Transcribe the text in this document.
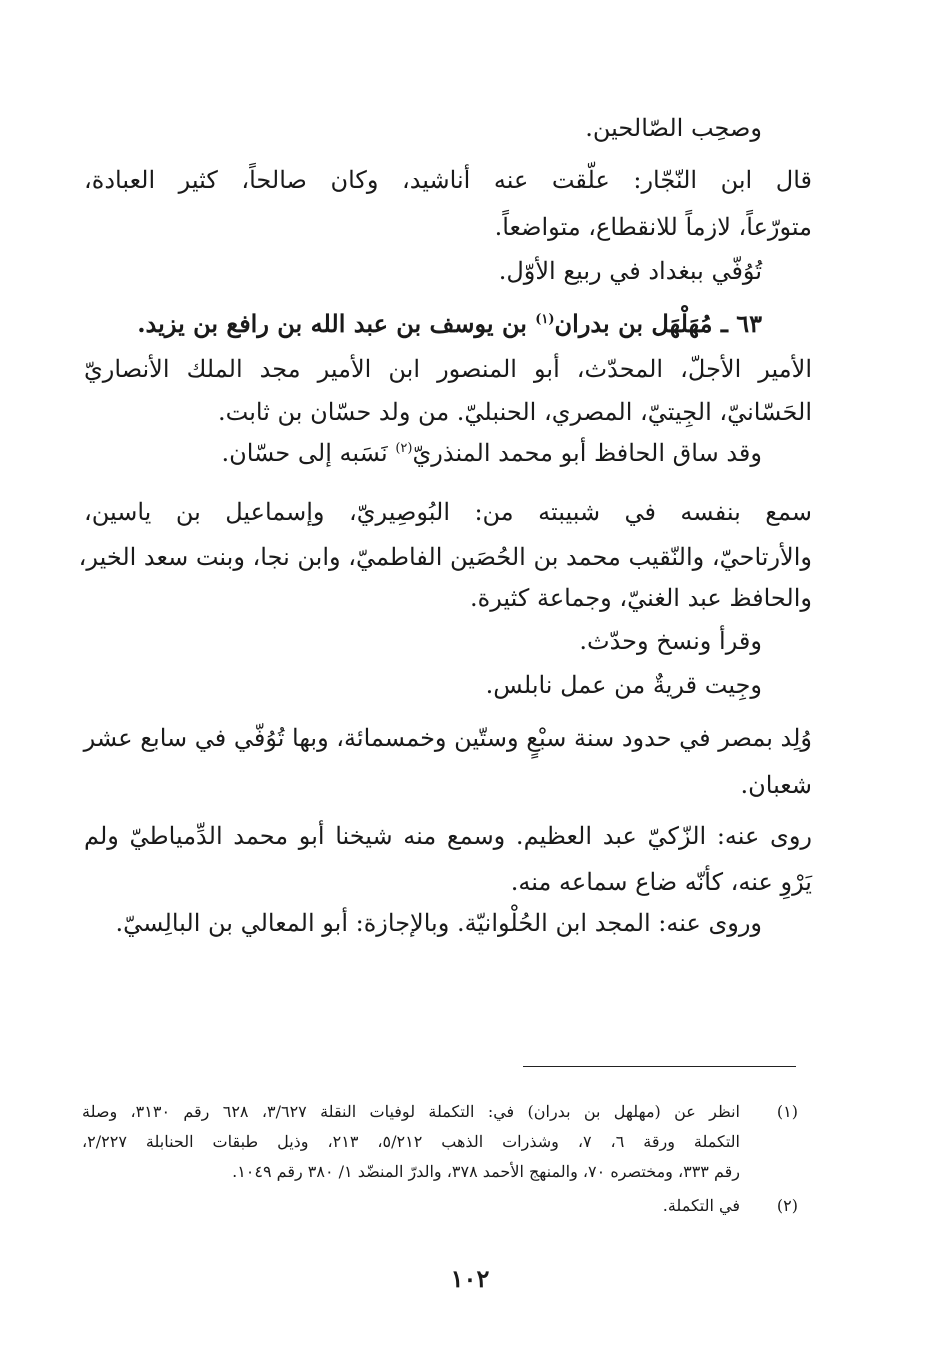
وصحِب الصّالحين.
قال ابن النّجّار: علّقت عنه أناشيد، وكان صالحاً، كثير العبادة،
متورّعاً، لازماً للانقطاع، متواضعاً.
تُوُفّي ببغداد في ربيع الأوّل.
٦٣ ـ مُهَلْهَل بن بدران$^{(١)}$ بن يوسف بن عبد الله بن رافع بن يزيد.
الأمير الأجلّ، المحدّث، أبو المنصور ابن الأمير مجد الملك الأنصاريّ
الحَسّانيّ، الجِيتيّ، المصري، الحنبليّ. من ولد حسّان بن ثابت.
وقد ساق الحافظ أبو محمد المنذريّ$^{(٢)}$ نَسَبه إلى حسّان.
سمع بنفسه في شبيبته من: البُوصِيريّ، وإسماعيل بن ياسين،
والأرتاحيّ، والنّقيب محمد بن الحُصَين الفاطميّ، وابن نجا، وبنت سعد الخير،
والحافظ عبد الغنيّ، وجماعة كثيرة.
وقرأ ونسخ وحدّث.
وجِيت قريةٌ من عمل نابلس.
وُلِد بمصر في حدود سنة سبْعٍ وستّين وخمسمائة، وبها تُوُفّي في سابع عشر
شعبان.
روى عنه: الزّكيّ عبد العظيم. وسمع منه شيخنا أبو محمد الدِّمياطيّ ولم
يَرْوِ عنه، كأنّه ضاع سماعه منه.
وروى عنه: المجد ابن الحُلْوانيّة. وبالإجازة: أبو المعالي بن البالِسيّ.
(١)
انظر عن (مهلهل بن بدران) في: التكملة لوفيات النقلة ٣/٦٢٧، ٦٢٨ رقم ٣١٣٠، وصلة
التكملة ورقة ٦، ٧، وشذرات الذهب ٥/٢١٢، ٢١٣، وذيل طبقات الحنابلة ٢/٢٢٧،
رقم ٣٣٣، ومختصره ٧٠، والمنهج الأحمد ٣٧٨، والدرّ المنضّد ١/ ٣٨٠ رقم ١٠٤٩.
(٢)
في التكملة.
١٠٢
